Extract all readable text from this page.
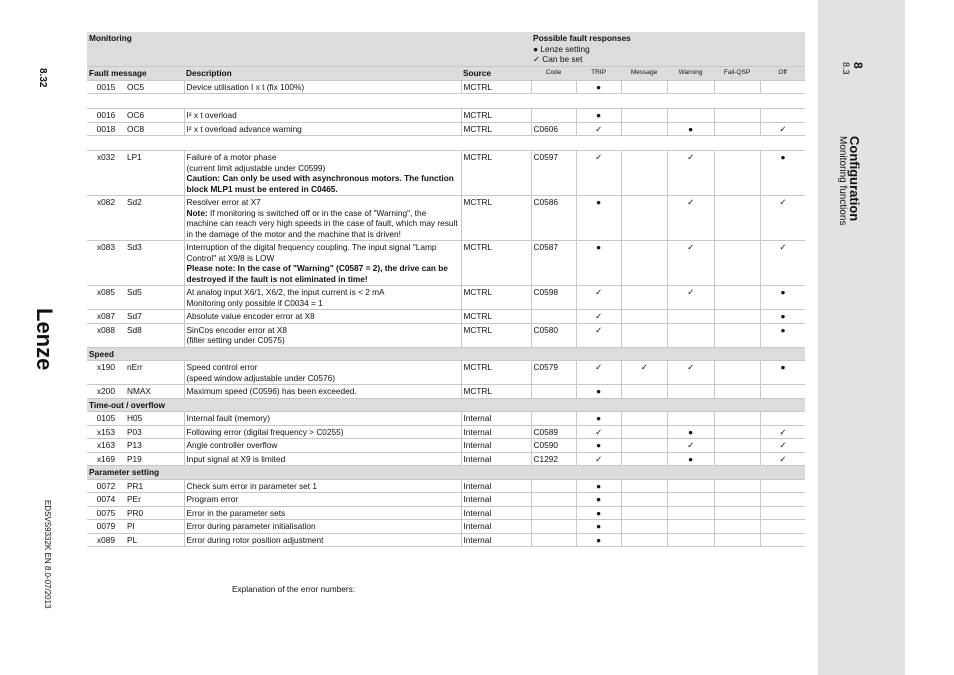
8.32
Lenze
EDSVS9332K EN 8.0-07/2013
8
8.3
Configuration
Monitoring functions
Monitoring				Possible fault responses
● Lenze setting
✓ Can be set					

Fault message		Description	Source	Code	TRIP	Message	Warning	Fail-QSP	Off
0015	OC5	Device utilisation I x t (fix 100%)	MCTRL		●				

0016	OC6	I² x t overload	MCTRL		●				
0018	OC8	I² x t overload advance warning	MCTRL	C0606	✓		●		✓

x032	LP1	Failure of a motor phase
(current limit adjustable under C0599)
Caution: Can only be used with asynchronous motors. The function block MLP1 must be entered in C0465.	MCTRL	C0597	✓		✓		●
x082	Sd2	Resolver error at X7
Note: If monitoring is switched off or in the case of "Warning", the machine can reach very high speeds in the case of fault, which may result in the damage of the motor and the machine that is driven!	MCTRL	C0586	●		✓		✓
x083	Sd3	Interruption of the digital frequency coupling. The input signal "Lamp Control" at X9/8 is LOW
Please note: In the case of "Warning" (C0587 = 2), the drive can be destroyed if the fault is not eliminated in time!	MCTRL	C0587	●		✓		✓
x085	Sd5	At analog input X6/1, X6/2, the input current is < 2 mA
Monitoring only possible if C0034 = 1	MCTRL	C0598	✓		✓		●
x087	Sd7	Absolute value encoder error at X8	MCTRL		✓				●
x088	Sd8	SinCos encoder error at X8
(filter setting under C0575)	MCTRL	C0580	✓				●
Speed									
x190	nErr	Speed control error
(speed window adjustable under C0576)	MCTRL	C0579	✓	✓	✓		●
x200	NMAX	Maximum speed (C0596) has been exceeded.	MCTRL		●				
Time-out / overflow									
0105	H05	Internal fault (memory)	Internal		●				
x153	P03	Following error (digital frequency > C0255)	Internal	C0589	✓		●		✓
x163	P13	Angle controller overflow	Internal	C0590	●		✓		✓
x169	P19	Input signal at X9 is limited	Internal	C1292	✓		●		✓
Parameter setting									
0072	PR1	Check sum error in parameter set 1	Internal		●				
0074	PEr	Program error	Internal		●				
0075	PR0	Error in the parameter sets	Internal		●				
0079	PI	Error during parameter initialisation	Internal		●				
x089	PL	Error during rotor position adjustment	Internal		●				
Explanation of the error numbers:
